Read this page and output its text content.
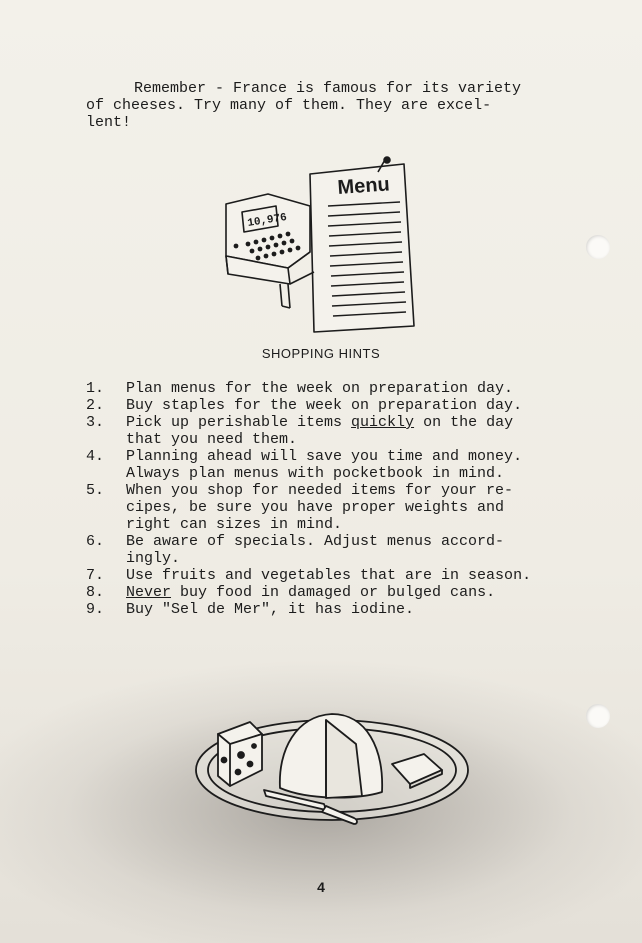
Remember - France is famous for its variety
of cheeses. Try many of them. They are excel-
lent!

10,976
Menu
SHOPPING HINTS
1. Plan menus for the week on preparation day.
2. Buy staples for the week on preparation day.
3. Pick up perishable items quickly on the day
that you need them.
4. Planning ahead will save you time and money.
Always plan menus with pocketbook in mind.
5. When you shop for needed items for your re-
cipes, be sure you have proper weights and
right can sizes in mind.
6. Be aware of specials. Adjust menus accord-
ingly.
7. Use fruits and vegetables that are in season.
8. Never buy food in damaged or bulged cans.
9. Buy "Sel de Mer", it has iodine.
4
